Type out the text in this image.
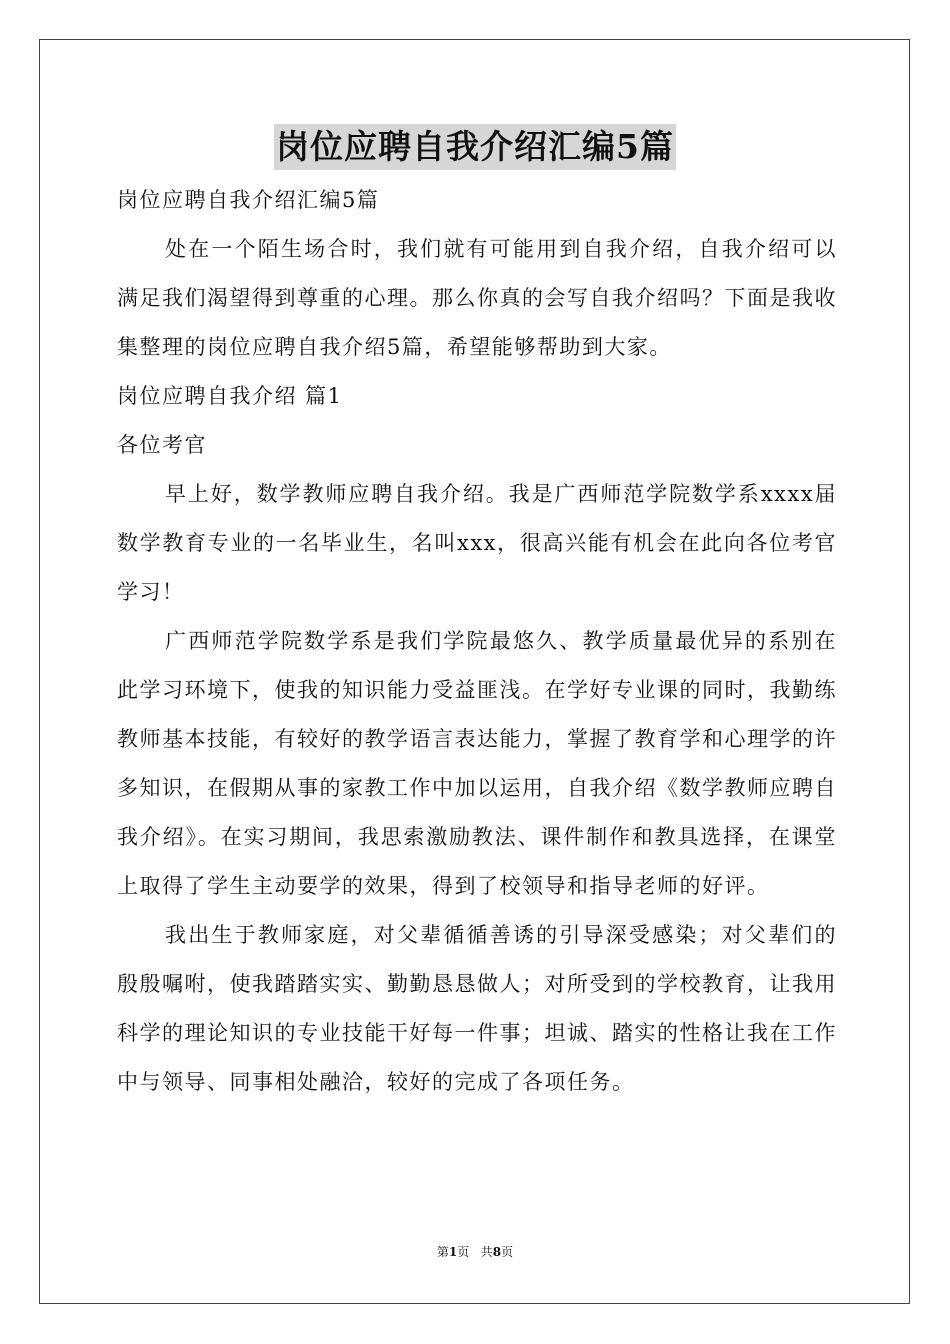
岗位应聘自我介绍汇编5篇

岗位应聘自我介绍汇编5篇

处在一个陌生场合时，我们就有可能用到自我介绍，自我介绍可以满足我们渴望得到尊重的心理。那么你真的会写自我介绍吗？下面是我收集整理的岗位应聘自我介绍5篇，希望能够帮助到大家。

岗位应聘自我介绍 篇1

各位考官

早上好，数学教师应聘自我介绍。我是广西师范学院数学系xxxx届数学教育专业的一名毕业生，名叫xxx，很高兴能有机会在此向各位考官学习！

广西师范学院数学系是我们学院最悠久、教学质量最优异的系别在此学习环境下，使我的知识能力受益匪浅。在学好专业课的同时，我勤练教师基本技能，有较好的教学语言表达能力，掌握了教育学和心理学的许多知识，在假期从事的家教工作中加以运用，自我介绍《数学教师应聘自我介绍》。在实习期间，我思索激励教法、课件制作和教具选择，在课堂上取得了学生主动要学的效果，得到了校领导和指导老师的好评。

我出生于教师家庭，对父辈循循善诱的引导深受感染；对父辈们的殷殷嘱咐，使我踏踏实实、勤勤恳恳做人；对所受到的学校教育，让我用科学的理论知识的专业技能干好每一件事；坦诚、踏实的性格让我在工作中与领导、同事相处融洽，较好的完成了各项任务。

第1页 共8页
